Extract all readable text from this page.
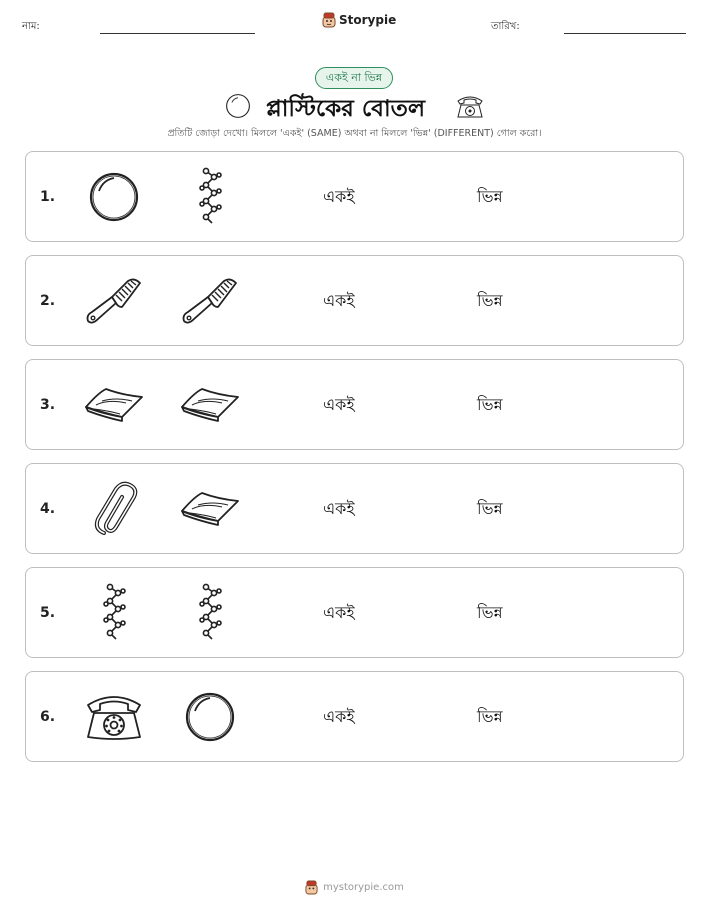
নাম:	Storypie	তারিখ:
একই না ভিন্ন
প্লাস্টিকের বোতল
প্রতিটি জোড়া দেখো। মিললে 'একই' (SAME) অথবা না মিললে 'ভিন্ন' (DIFFERENT) গোল করো।
1.	একই	ভিন্ন
2.	একই	ভিন্ন
3.	একই	ভিন্ন
4.	একই	ভিন্ন
5.	একই	ভিন্ন
6.	একই	ভিন্ন
mystorypie.com
